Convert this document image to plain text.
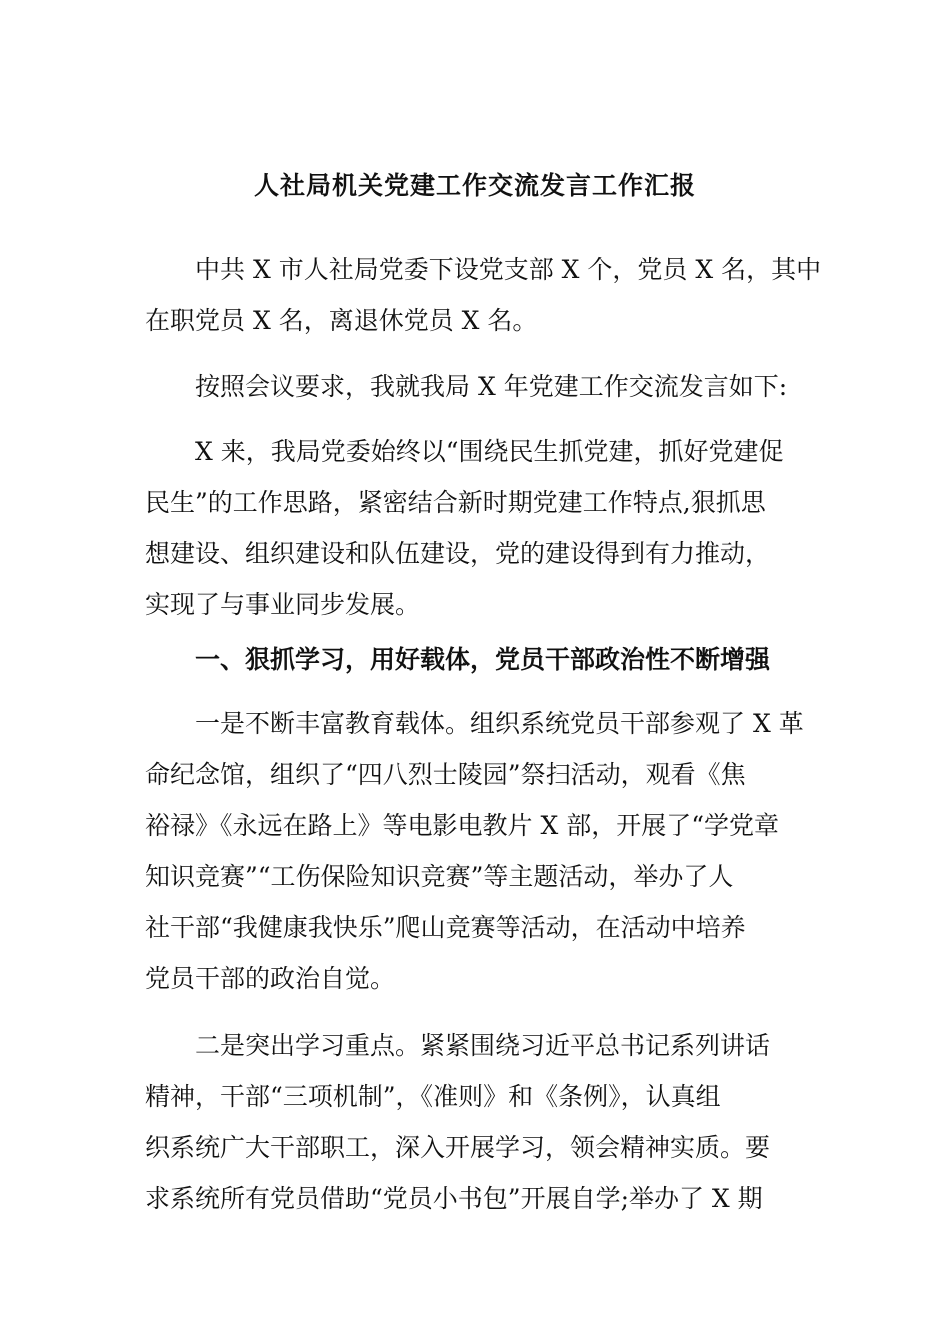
人社局机关党建工作交流发言工作汇报
中共 X 市人社局党委下设党支部 X 个，党员 X 名，其中
在职党员 X 名，离退休党员 X 名。
按照会议要求，我就我局 X 年党建工作交流发言如下:
X 来，我局党委始终以“围绕民生抓党建，抓好党建促
民生”的工作思路，紧密结合新时期党建工作特点,狠抓思
想建设、组织建设和队伍建设，党的建设得到有力推动，
实现了与事业同步发展。
一、狠抓学习，用好载体，党员干部政治性不断增强
一是不断丰富教育载体。组织系统党员干部参观了 X 革
命纪念馆，组织了“四八烈士陵园”祭扫活动，观看《焦
裕禄》《永远在路上》等电影电教片 X 部，开展了“学党章
知识竞赛”“工伤保险知识竞赛”等主题活动，举办了人
社干部“我健康我快乐”爬山竞赛等活动，在活动中培养
党员干部的政治自觉。
二是突出学习重点。紧紧围绕习近平总书记系列讲话
精神，干部“三项机制”，《准则》和《条例》，认真组
织系统广大干部职工，深入开展学习，领会精神实质。要
求系统所有党员借助“党员小书包”开展自学;举办了 X 期
